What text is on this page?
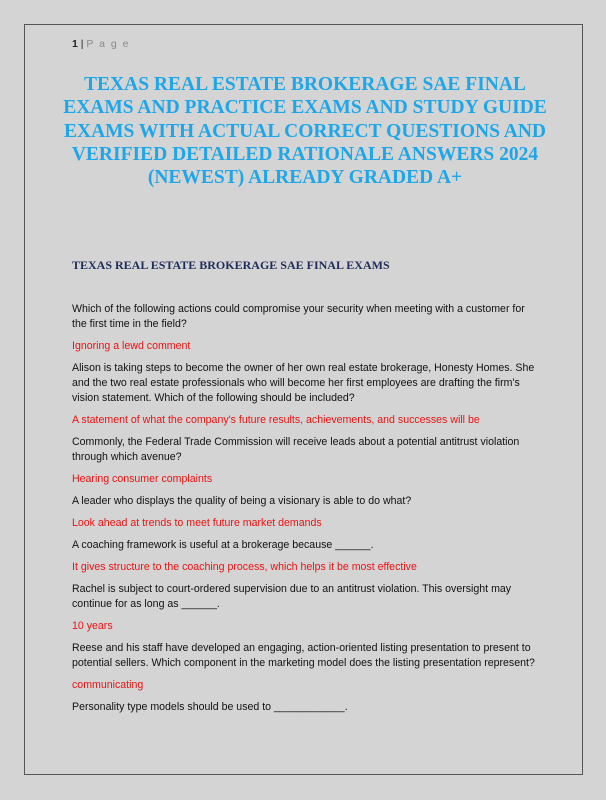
1 | P a g e
TEXAS REAL ESTATE BROKERAGE SAE FINAL EXAMS AND PRACTICE EXAMS AND STUDY GUIDE EXAMS WITH ACTUAL CORRECT QUESTIONS AND VERIFIED DETAILED RATIONALE ANSWERS 2024 (NEWEST) ALREADY GRADED A+
TEXAS REAL ESTATE BROKERAGE SAE FINAL EXAMS

Which of the following actions could compromise your security when meeting with a customer for the first time in the field?

Ignoring a lewd comment

Alison is taking steps to become the owner of her own real estate brokerage, Honesty Homes. She and the two real estate professionals who will become her first employees are drafting the firm's vision statement. Which of the following should be included?

A statement of what the company's future results, achievements, and successes will be

Commonly, the Federal Trade Commission will receive leads about a potential antitrust violation through which avenue?

Hearing consumer complaints

A leader who displays the quality of being a visionary is able to do what?

Look ahead at trends to meet future market demands

A coaching framework is useful at a brokerage because ______.

It gives structure to the coaching process, which helps it be most effective

Rachel is subject to court-ordered supervision due to an antitrust violation. This oversight may continue for as long as ______.

10 years

Reese and his staff have developed an engaging, action-oriented listing presentation to present to potential sellers. Which component in the marketing model does the listing presentation represent?

communicating

Personality type models should be used to ____________.
